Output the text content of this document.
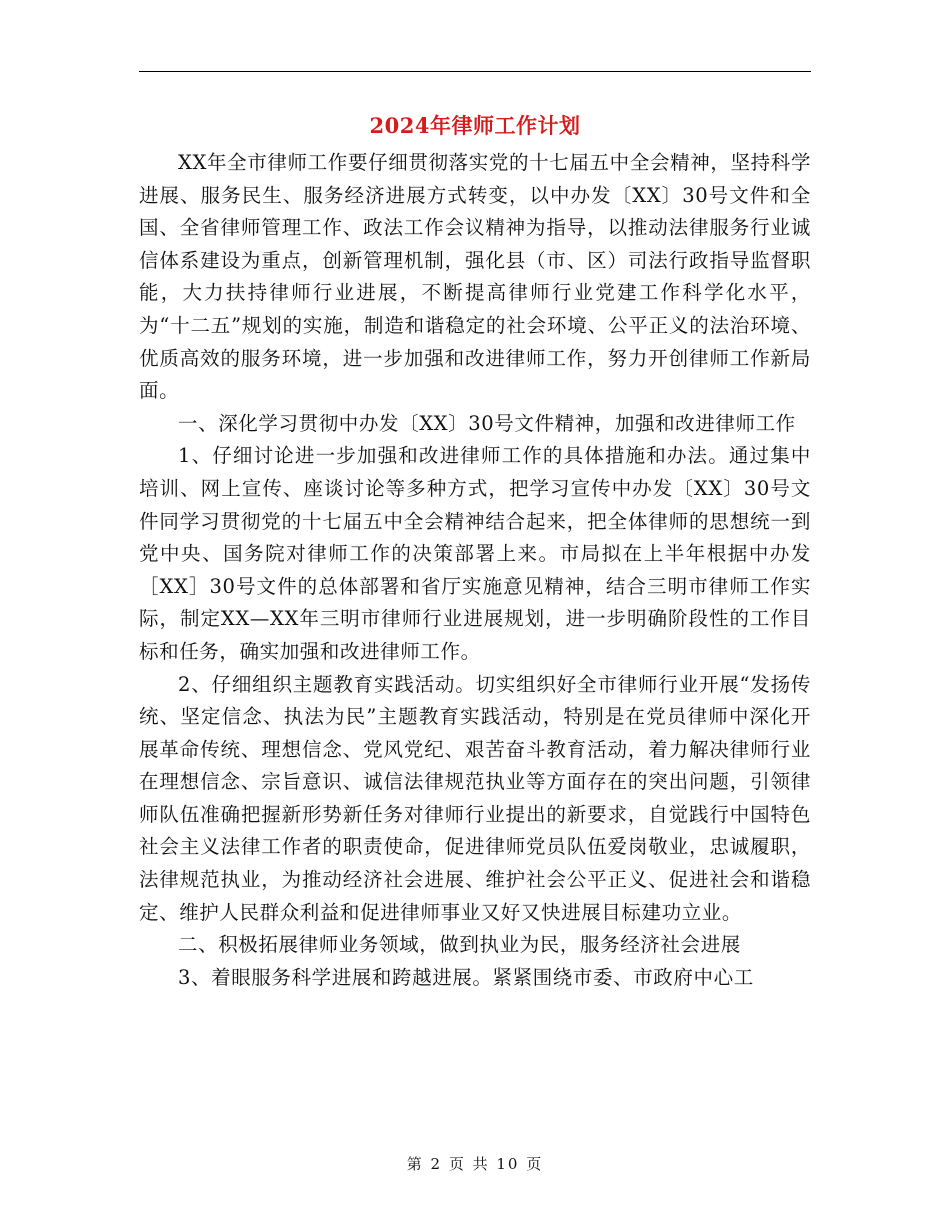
2024年律师工作计划

XX年全市律师工作要仔细贯彻落实党的十七届五中全会精神，坚持科学进展、服务民生、服务经济进展方式转变，以中办发〔XX〕30号文件和全国、全省律师管理工作、政法工作会议精神为指导，以推动法律服务行业诚信体系建设为重点，创新管理机制，强化县（市、区）司法行政指导监督职能，大力扶持律师行业进展，不断提高律师行业党建工作科学化水平，为“十二五”规划的实施，制造和谐稳定的社会环境、公平正义的法治环境、优质高效的服务环境，进一步加强和改进律师工作，努力开创律师工作新局面。

一、深化学习贯彻中办发〔XX〕30号文件精神，加强和改进律师工作

1、仔细讨论进一步加强和改进律师工作的具体措施和办法。通过集中培训、网上宣传、座谈讨论等多种方式，把学习宣传中办发〔XX〕30号文件同学习贯彻党的十七届五中全会精神结合起来，把全体律师的思想统一到党中央、国务院对律师工作的决策部署上来。市局拟在上半年根据中办发［XX］30号文件的总体部署和省厅实施意见精神，结合三明市律师工作实际，制定XX—XX年三明市律师行业进展规划，进一步明确阶段性的工作目标和任务，确实加强和改进律师工作。

2、仔细组织主题教育实践活动。切实组织好全市律师行业开展“发扬传统、坚定信念、执法为民”主题教育实践活动，特别是在党员律师中深化开展革命传统、理想信念、党风党纪、艰苦奋斗教育活动，着力解决律师行业在理想信念、宗旨意识、诚信法律规范执业等方面存在的突出问题，引领律师队伍准确把握新形势新任务对律师行业提出的新要求，自觉践行中国特色社会主义法律工作者的职责使命，促进律师党员队伍爱岗敬业，忠诚履职，法律规范执业，为推动经济社会进展、维护社会公平正义、促进社会和谐稳定、维护人民群众利益和促进律师事业又好又快进展目标建功立业。

二、积极拓展律师业务领域，做到执业为民，服务经济社会进展

3、着眼服务科学进展和跨越进展。紧紧围绕市委、市政府中心工

第 2 页 共 10 页
